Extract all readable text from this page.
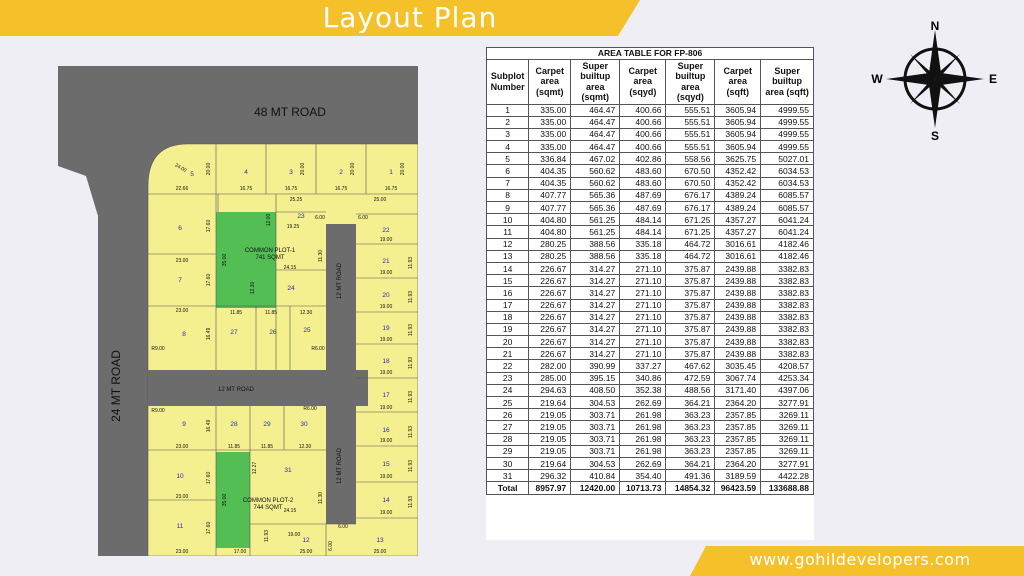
Layout Plan	N
S
W	E
48 MT ROAD
24 MT ROAD	12 MT ROAD
12 MT ROAD
12 MT ROAD
COMMON PLOT-1
741 SQMT
COMMON PLOT-2
744 SQMT
1
2
3
4
5
6
7
8
9
10
11
12	13
14
15
16
17
18
19
20
21
22
23
24
25
26
27
28	29	30
31
16.75
16.75
16.75
16.75
22.66
25.25	25.00
19.25
6.00	6.00
19.00
19.00
19.00
19.00
19.00
19.00
19.00
19.00
19.00
19.00
23.00
23.00
23.00
23.00
23.00
24.15
24.15
11.85	11.85	12.30
11.85	11.85	12.30
17.00	25.00	25.00
R9.00
R9.00
R6.00
R6.00
6.00
20.00
20.00
20.00
20.00
24.00
17.60
17.60
17.60
17.60
12.00
35.00
35.00
12.30
12.27
16.49
16.49
11.30
11.30
11.93
11.93
11.93
11.93
11.93
11.93
11.93
11.93
11.93
6.00
AREA TABLE FOR FP-806						
Subplot Number	Carpet area (sqmt)	Super builtup area (sqmt)	Carpet area (sqyd)	Super builtup area (sqyd)	Carpet area (sqft)	Super builtup area (sqft)
1	335.00	464.47	400.66	555.51	3605.94	4999.55
2	335.00	464.47	400.66	555.51	3605.94	4999.55
3	335.00	464.47	400.66	555.51	3605.94	4999.55
4	335.00	464.47	400.66	555.51	3605.94	4999.55
5	336.84	467.02	402.86	558.56	3625.75	5027.01
6	404.35	560.62	483.60	670.50	4352.42	6034.53
7	404.35	560.62	483.60	670.50	4352.42	6034.53
8	407.77	565.36	487.69	676.17	4389.24	6085.57
9	407.77	565.36	487.69	676.17	4389.24	6085.57
10	404.80	561.25	484.14	671.25	4357.27	6041.24
11	404.80	561.25	484.14	671.25	4357.27	6041.24
12	280.25	388.56	335.18	464.72	3016.61	4182.46
13	280.25	388.56	335.18	464.72	3016.61	4182.46
14	226.67	314.27	271.10	375.87	2439.88	3382.83
15	226.67	314.27	271.10	375.87	2439.88	3382.83
16	226.67	314.27	271.10	375.87	2439.88	3382.83
17	226.67	314.27	271.10	375.87	2439.88	3382.83
18	226.67	314.27	271.10	375.87	2439.88	3382.83
19	226.67	314.27	271.10	375.87	2439.88	3382.83
20	226.67	314.27	271.10	375.87	2439.88	3382.83
21	226.67	314.27	271.10	375.87	2439.88	3382.83
22	282.00	390.99	337.27	467.62	3035.45	4208.57
23	285.00	395.15	340.86	472.59	3067.74	4253.34
24	294.63	408.50	352.38	488.56	3171.40	4397.06
25	219.64	304.53	262.69	364.21	2364.20	3277.91
26	219.05	303.71	261.98	363.23	2357.85	3269.11
27	219.05	303.71	261.98	363.23	2357.85	3269.11
28	219.05	303.71	261.98	363.23	2357.85	3269.11
29	219.05	303.71	261.98	363.23	2357.85	3269.11
30	219.64	304.53	262.69	364.21	2364.20	3277.91
31	296.32	410.84	354.40	491.36	3189.59	4422.28
Total	8957.97	12420.00	10713.73	14854.32	96423.59	133688.88
www.gohildevelopers.com
